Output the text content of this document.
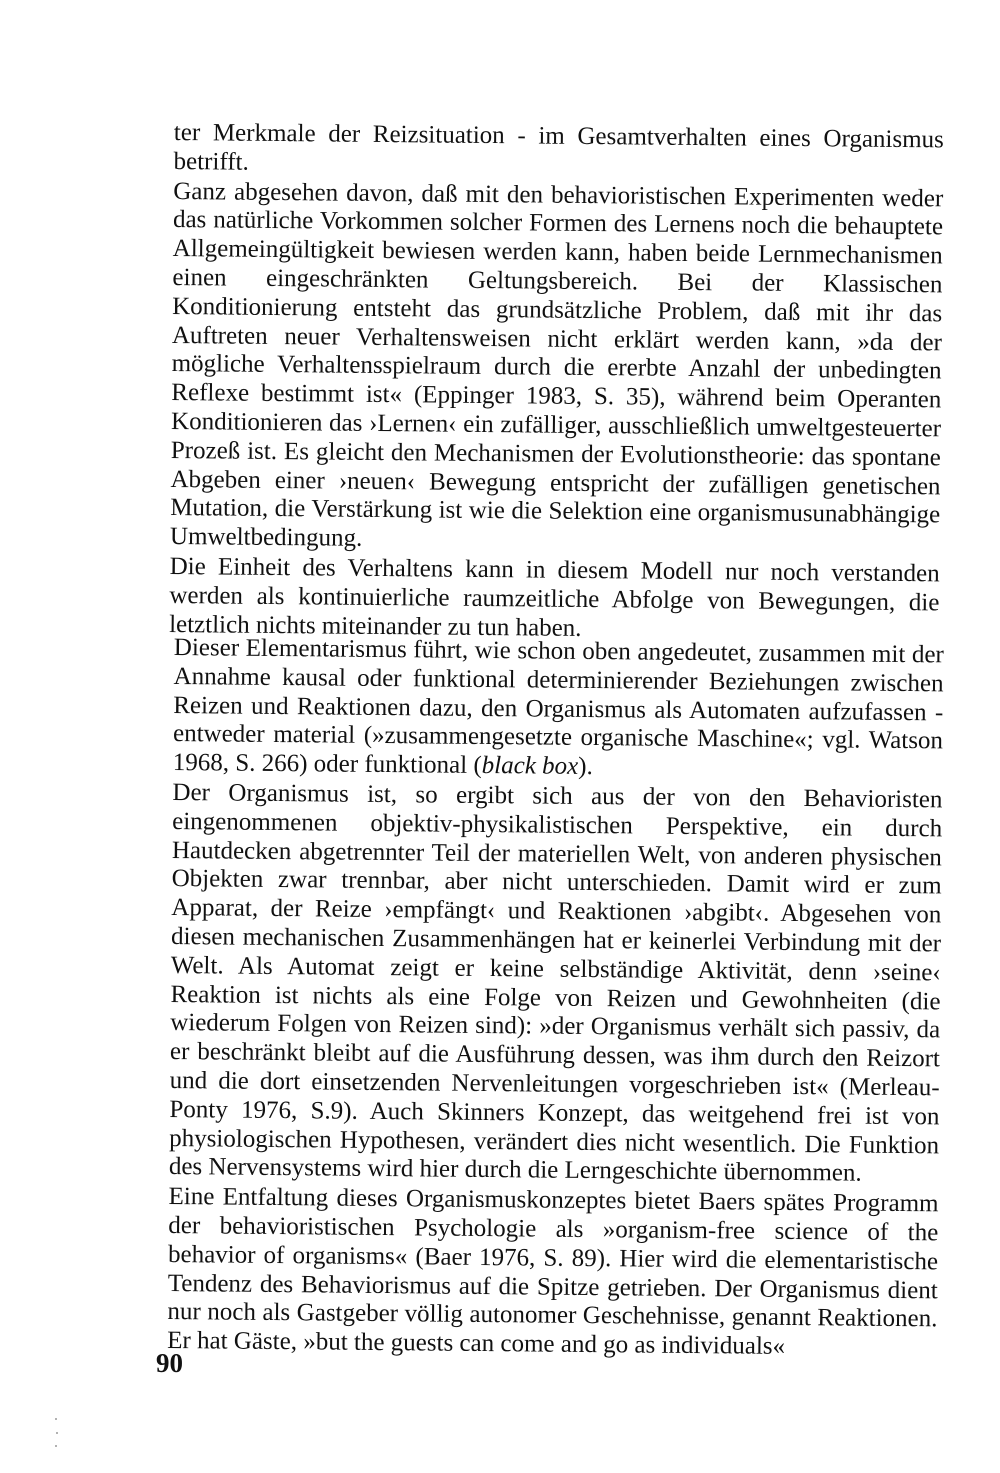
ter Merkmale der Reizsituation - im Gesamtverhalten eines Organismus betrifft.

Ganz abgesehen davon, daß mit den behavioristischen Experimenten weder das natürliche Vorkommen solcher Formen des Lernens noch die behauptete Allgemeingültigkeit bewiesen werden kann, haben beide Lernmechanismen einen eingeschränkten Geltungsbereich. Bei der Klassischen Konditionierung entsteht das grundsätzliche Problem, daß mit ihr das Auftreten neuer Verhaltensweisen nicht erklärt werden kann, »da der mögliche Verhaltensspielraum durch die ererbte Anzahl der unbedingten Reflexe bestimmt ist« (Eppinger 1983, S. 35), während beim Operanten Konditionieren das ›Lernen‹ ein zufälliger, ausschließlich umweltgesteuerter Prozeß ist. Es gleicht den Mechanismen der Evolutionstheorie: das spontane Abgeben einer ›neuen‹ Bewegung entspricht der zufälligen genetischen Mutation, die Verstärkung ist wie die Selektion eine organismusunabhängige Umweltbedingung.

Die Einheit des Verhaltens kann in diesem Modell nur noch verstanden werden als kontinuierliche raumzeitliche Abfolge von Bewegungen, die letztlich nichts miteinander zu tun haben.

Dieser Elementarismus führt, wie schon oben angedeutet, zusammen mit der Annahme kausal oder funktional determinierender Beziehungen zwischen Reizen und Reaktionen dazu, den Organismus als Automaten aufzufassen - entweder material (»zusammengesetzte organische Maschine«; vgl. Watson 1968, S. 266) oder funktional (black box).

Der Organismus ist, so ergibt sich aus der von den Behavioristen eingenommenen objektiv-physikalistischen Perspektive, ein durch Hautdecken abgetrennter Teil der materiellen Welt, von anderen physischen Objekten zwar trennbar, aber nicht unterschieden. Damit wird er zum Apparat, der Reize ›empfängt‹ und Reaktionen ›abgibt‹. Abgesehen von diesen mechanischen Zusammenhängen hat er keinerlei Verbindung mit der Welt. Als Automat zeigt er keine selbständige Aktivität, denn ›seine‹ Reaktion ist nichts als eine Folge von Reizen und Gewohnheiten (die wiederum Folgen von Reizen sind): »der Organismus verhält sich passiv, da er beschränkt bleibt auf die Ausführung dessen, was ihm durch den Reizort und die dort einsetzenden Nervenleitungen vorgeschrieben ist« (Merleau-Ponty 1976, S.9). Auch Skinners Konzept, das weitgehend frei ist von physiologischen Hypothesen, verändert dies nicht wesentlich. Die Funktion des Nervensystems wird hier durch die Lerngeschichte übernommen.

Eine Entfaltung dieses Organismuskonzeptes bietet Baers spätes Programm der behavioristischen Psychologie als »organism-free science of the behavior of organisms« (Baer 1976, S. 89). Hier wird die elementaristische Tendenz des Behaviorismus auf die Spitze getrieben. Der Organismus dient nur noch als Gastgeber völlig autonomer Geschehnisse, genannt Reaktionen. Er hat Gäste, »but the guests can come and go as individuals«

90
